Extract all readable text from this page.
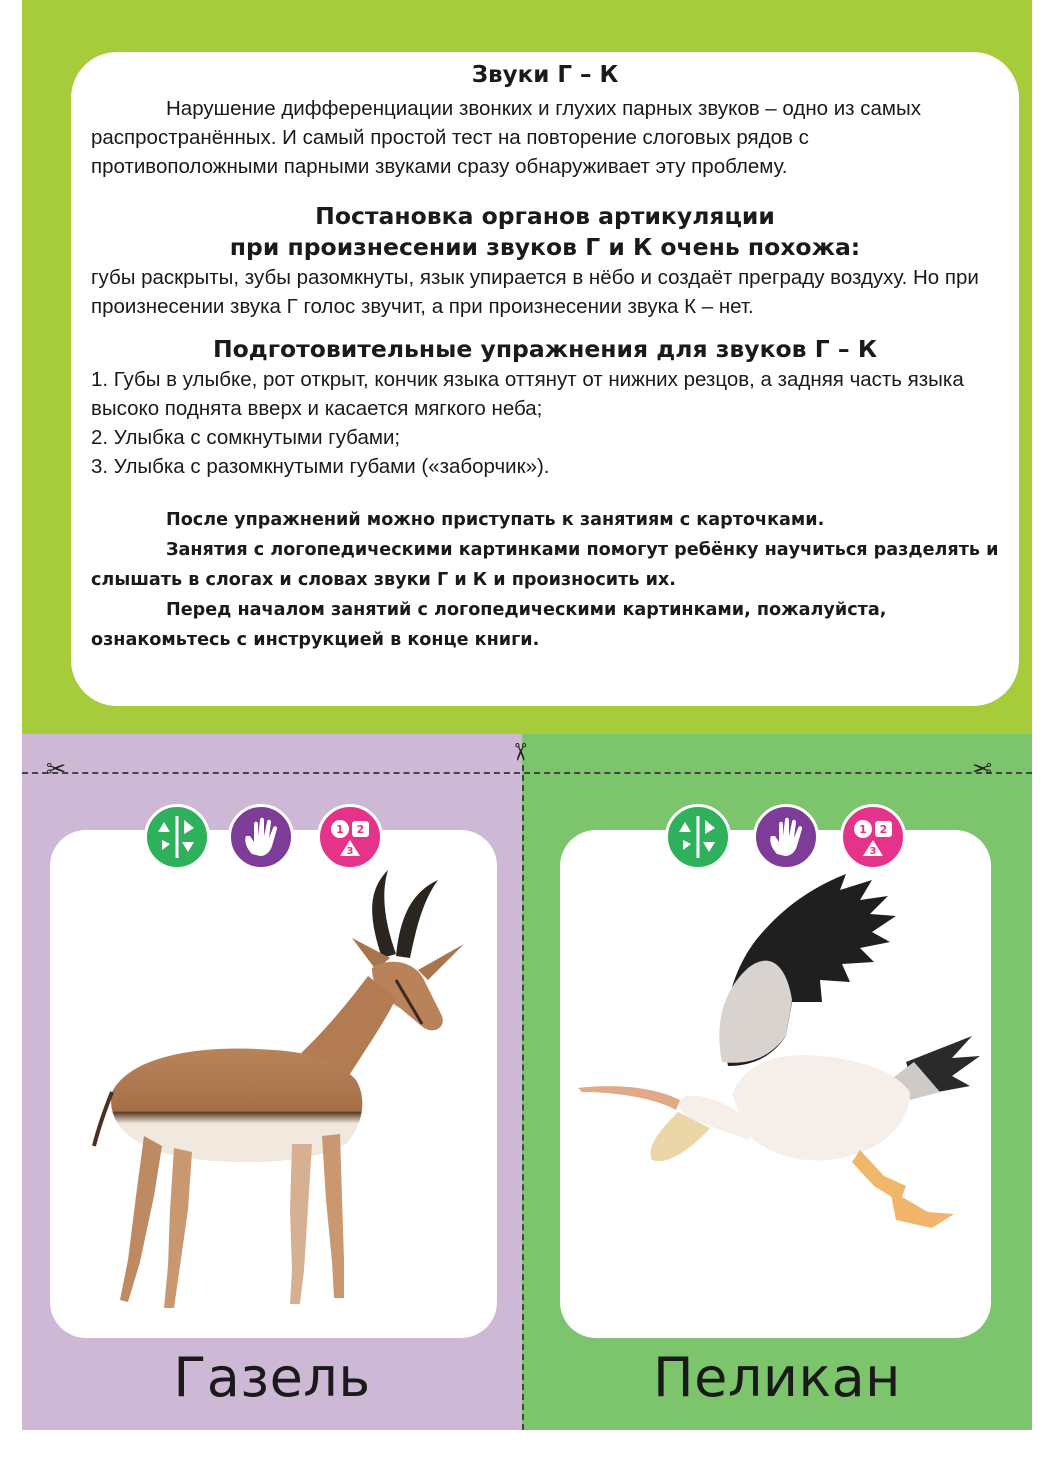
Звуки Г – К

Нарушение дифференциации звонких и глухих парных звуков – одно из самых распространённых. И самый простой тест на повторение слоговых рядов с противоположными парными звуками сразу обнаруживает эту проблему.

Постановка органов артикуляции

при произнесении звуков Г и К очень похожа:

губы раскрыты, зубы разомкнуты, язык упирается в нёбо и создаёт преграду воздуху. Но при произнесении звука Г голос звучит, а при произнесении звука К – нет.

Подготовительные упражнения для звуков Г – К

1. Губы в улыбке, рот открыт, кончик языка оттянут от нижних резцов, а задняя часть языка высоко поднята вверх и касается мягкого неба;

2. Улыбка с сомкнутыми губами;

3. Улыбка с разомкнутыми губами («заборчик»).

После упражнений можно приступать к занятиям с карточками.

Занятия с логопедическими картинками помогут ребёнку научиться разделять и слышать в слогах и словах звуки Г и К и произносить их.

Перед началом занятий с логопедическими картинками, пожалуйста, ознакомьтесь с инструкцией в конце книги.

1 2
3
Газель
1 2
3
Пеликан
✂
✂
✂
